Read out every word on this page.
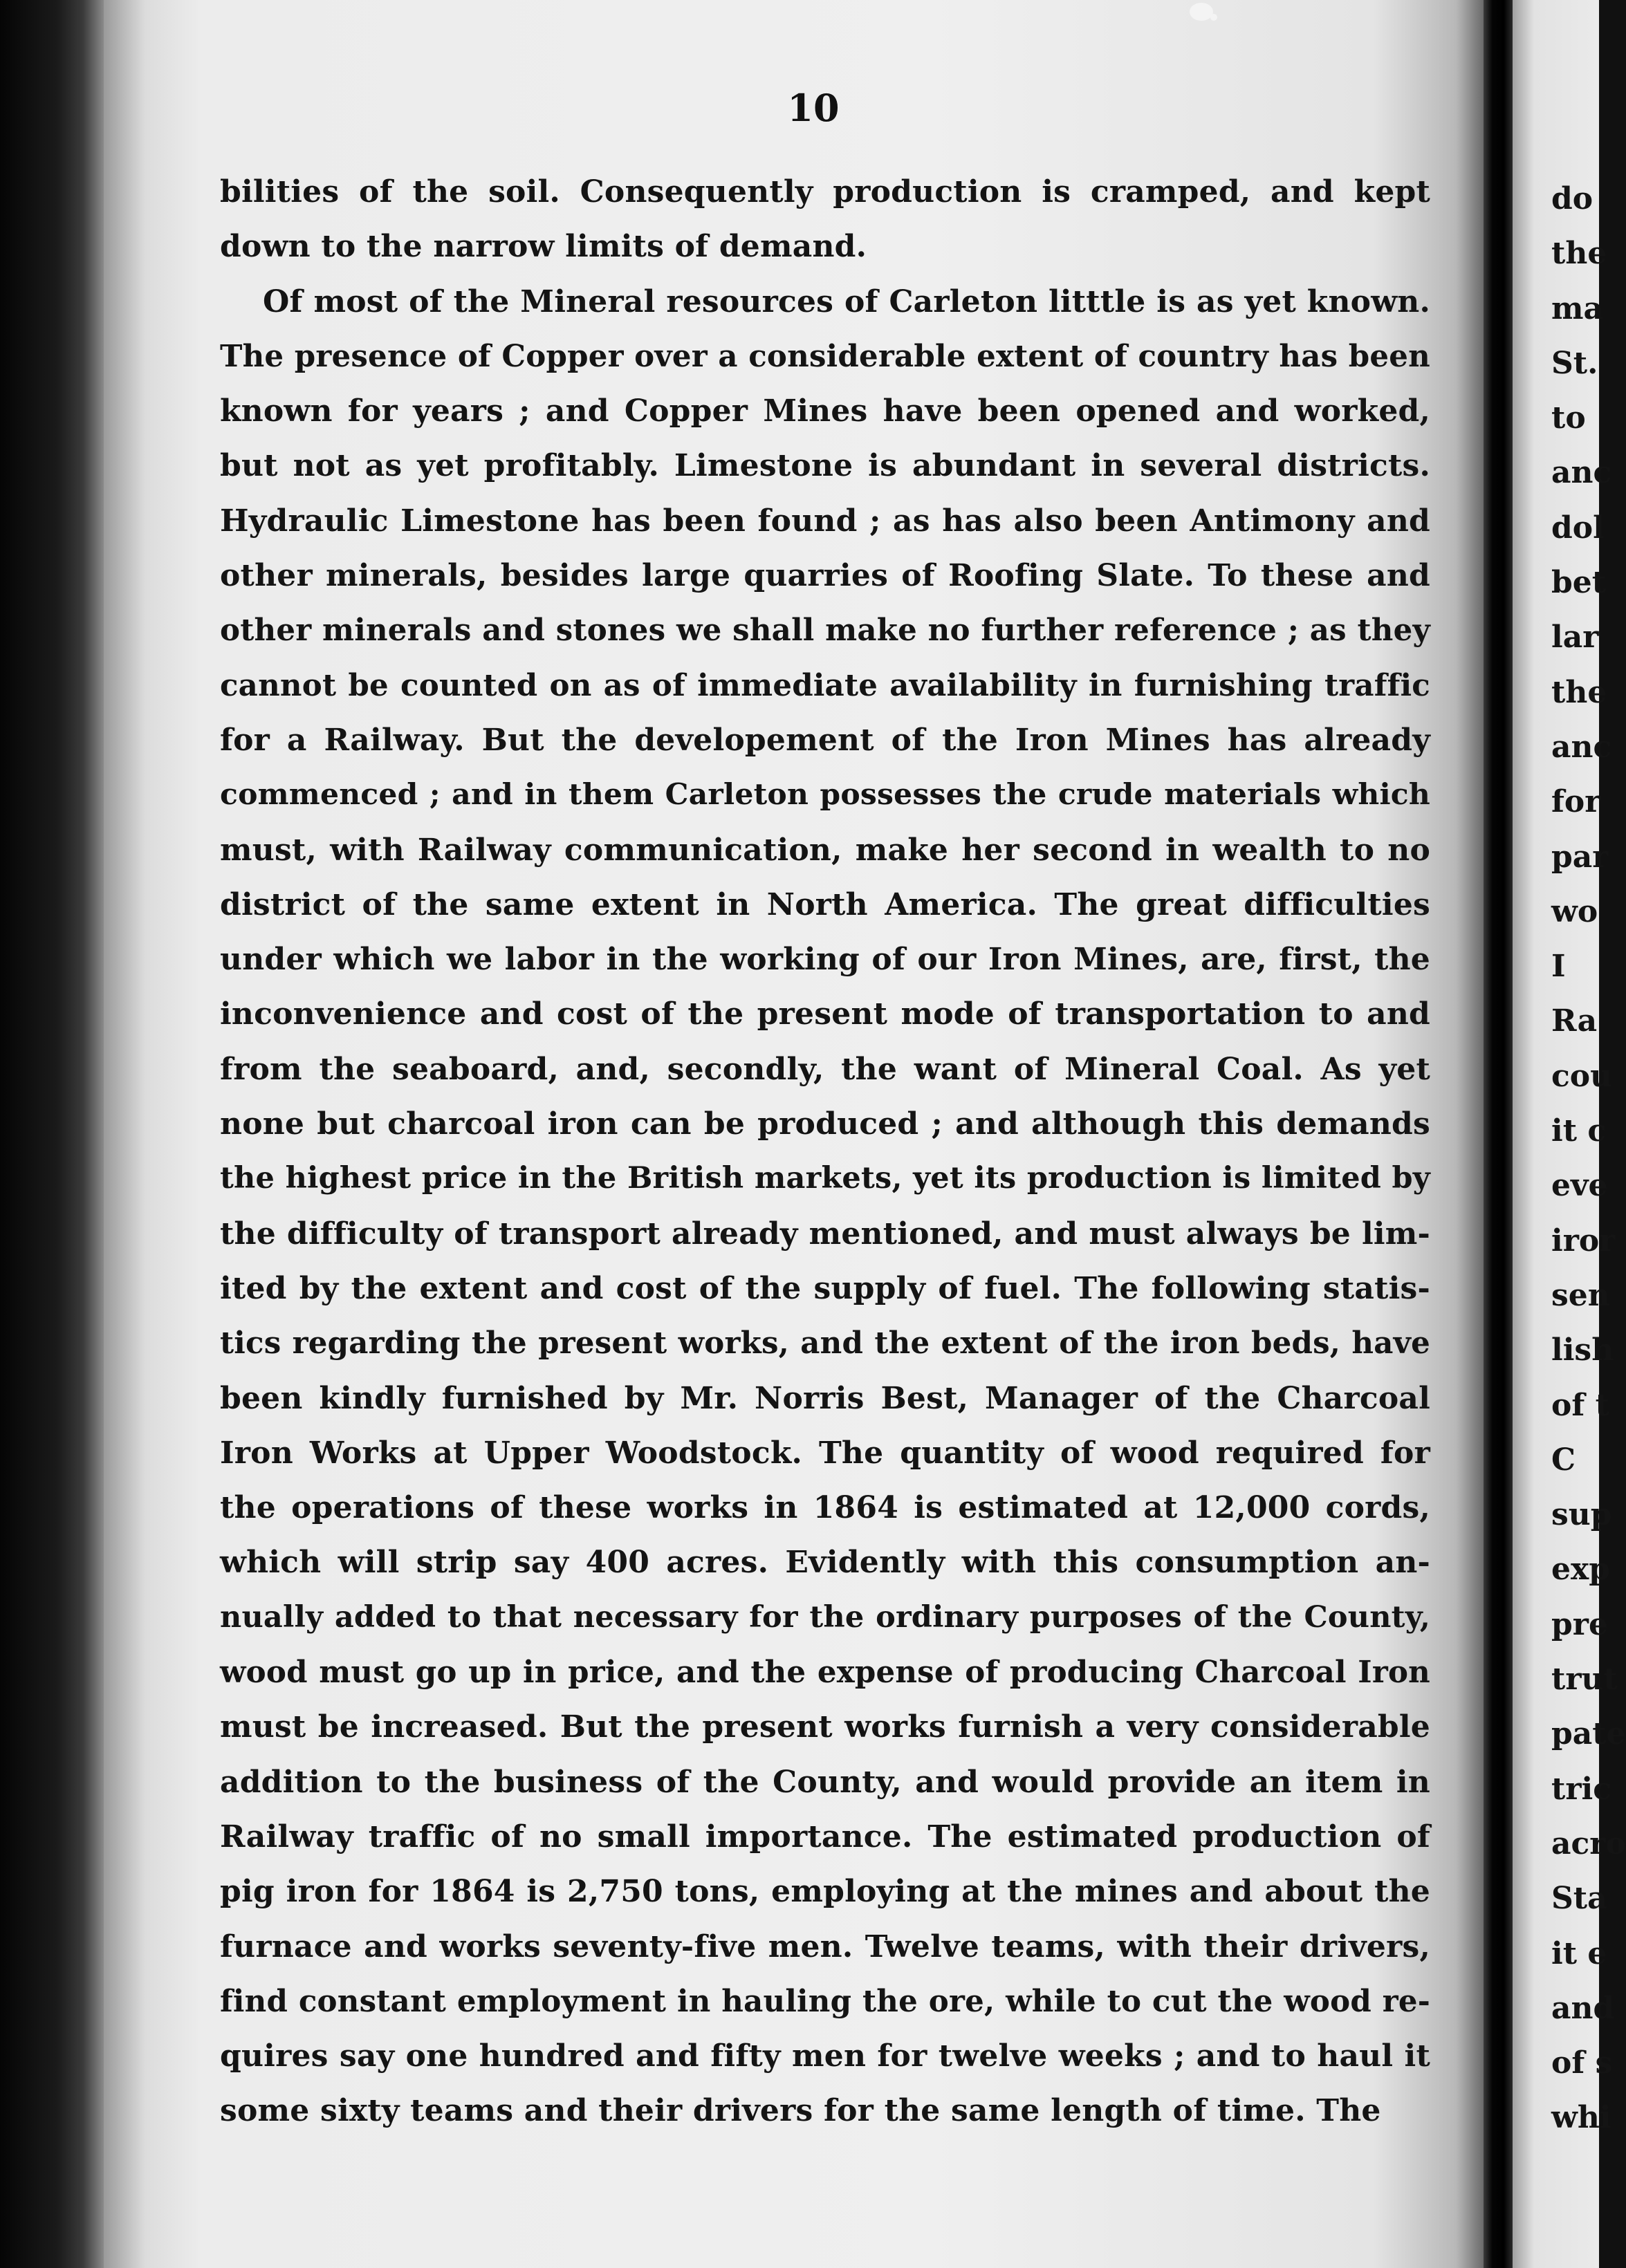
10
bilities of the soil. Consequently production is cramped, and kept
down to the narrow limits of demand.
Of most of the Mineral resources of Carleton litttle is as yet known.
The presence of Copper over a considerable extent of country has been
known for years ; and Copper Mines have been opened and worked,
but not as yet profitably. Limestone is abundant in several districts.
Hydraulic Limestone has been found ; as has also been Antimony and
other minerals, besides large quarries of Roofing Slate. To these and
other minerals and stones we shall make no further reference ; as they
cannot be counted on as of immediate availability in furnishing traffic
for a Railway. But the developement of the Iron Mines has already
commenced ; and in them Carleton possesses the crude materials which
must, with Railway communication, make her second in wealth to no
district of the same extent in North America. The great difficulties
under which we labor in the working of our Iron Mines, are, first, the
inconvenience and cost of the present mode of transportation to and
from the seaboard, and, secondly, the want of Mineral Coal. As yet
none but charcoal iron can be produced ; and although this demands
the highest price in the British markets, yet its production is limited by
the difficulty of transport already mentioned, and must always be lim-
ited by the extent and cost of the supply of fuel. The following statis-
tics regarding the present works, and the extent of the iron beds, have
been kindly furnished by Mr. Norris Best, Manager of the Charcoal
Iron Works at Upper Woodstock. The quantity of wood required for
the operations of these works in 1864 is estimated at 12,000 cords,
which will strip say 400 acres. Evidently with this consumption an-
nually added to that necessary for the ordinary purposes of the County,
wood must go up in price, and the expense of producing Charcoal Iron
must be increased. But the present works furnish a very considerable
addition to the business of the County, and would provide an item in
Railway traffic of no small importance. The estimated production of
pig iron for 1864 is 2,750 tons, employing at the mines and about the
furnace and works seventy-five men. Twelve teams, with their drivers,
find constant employment in hauling the ore, while to cut the wood re-
quires say one hundred and fifty men for twelve weeks ; and to haul it
some sixty teams and their drivers for the same length of time. The
do
the
ma
St.
to
anc
dol
bet
lar
the
anc
for
par
wo
I
Ra
cou
it c
eve
iror
sen
lish
of t
C
sup
exp
pre
trut
pate
tric
acro
Sta
it e
and
of s
whi
